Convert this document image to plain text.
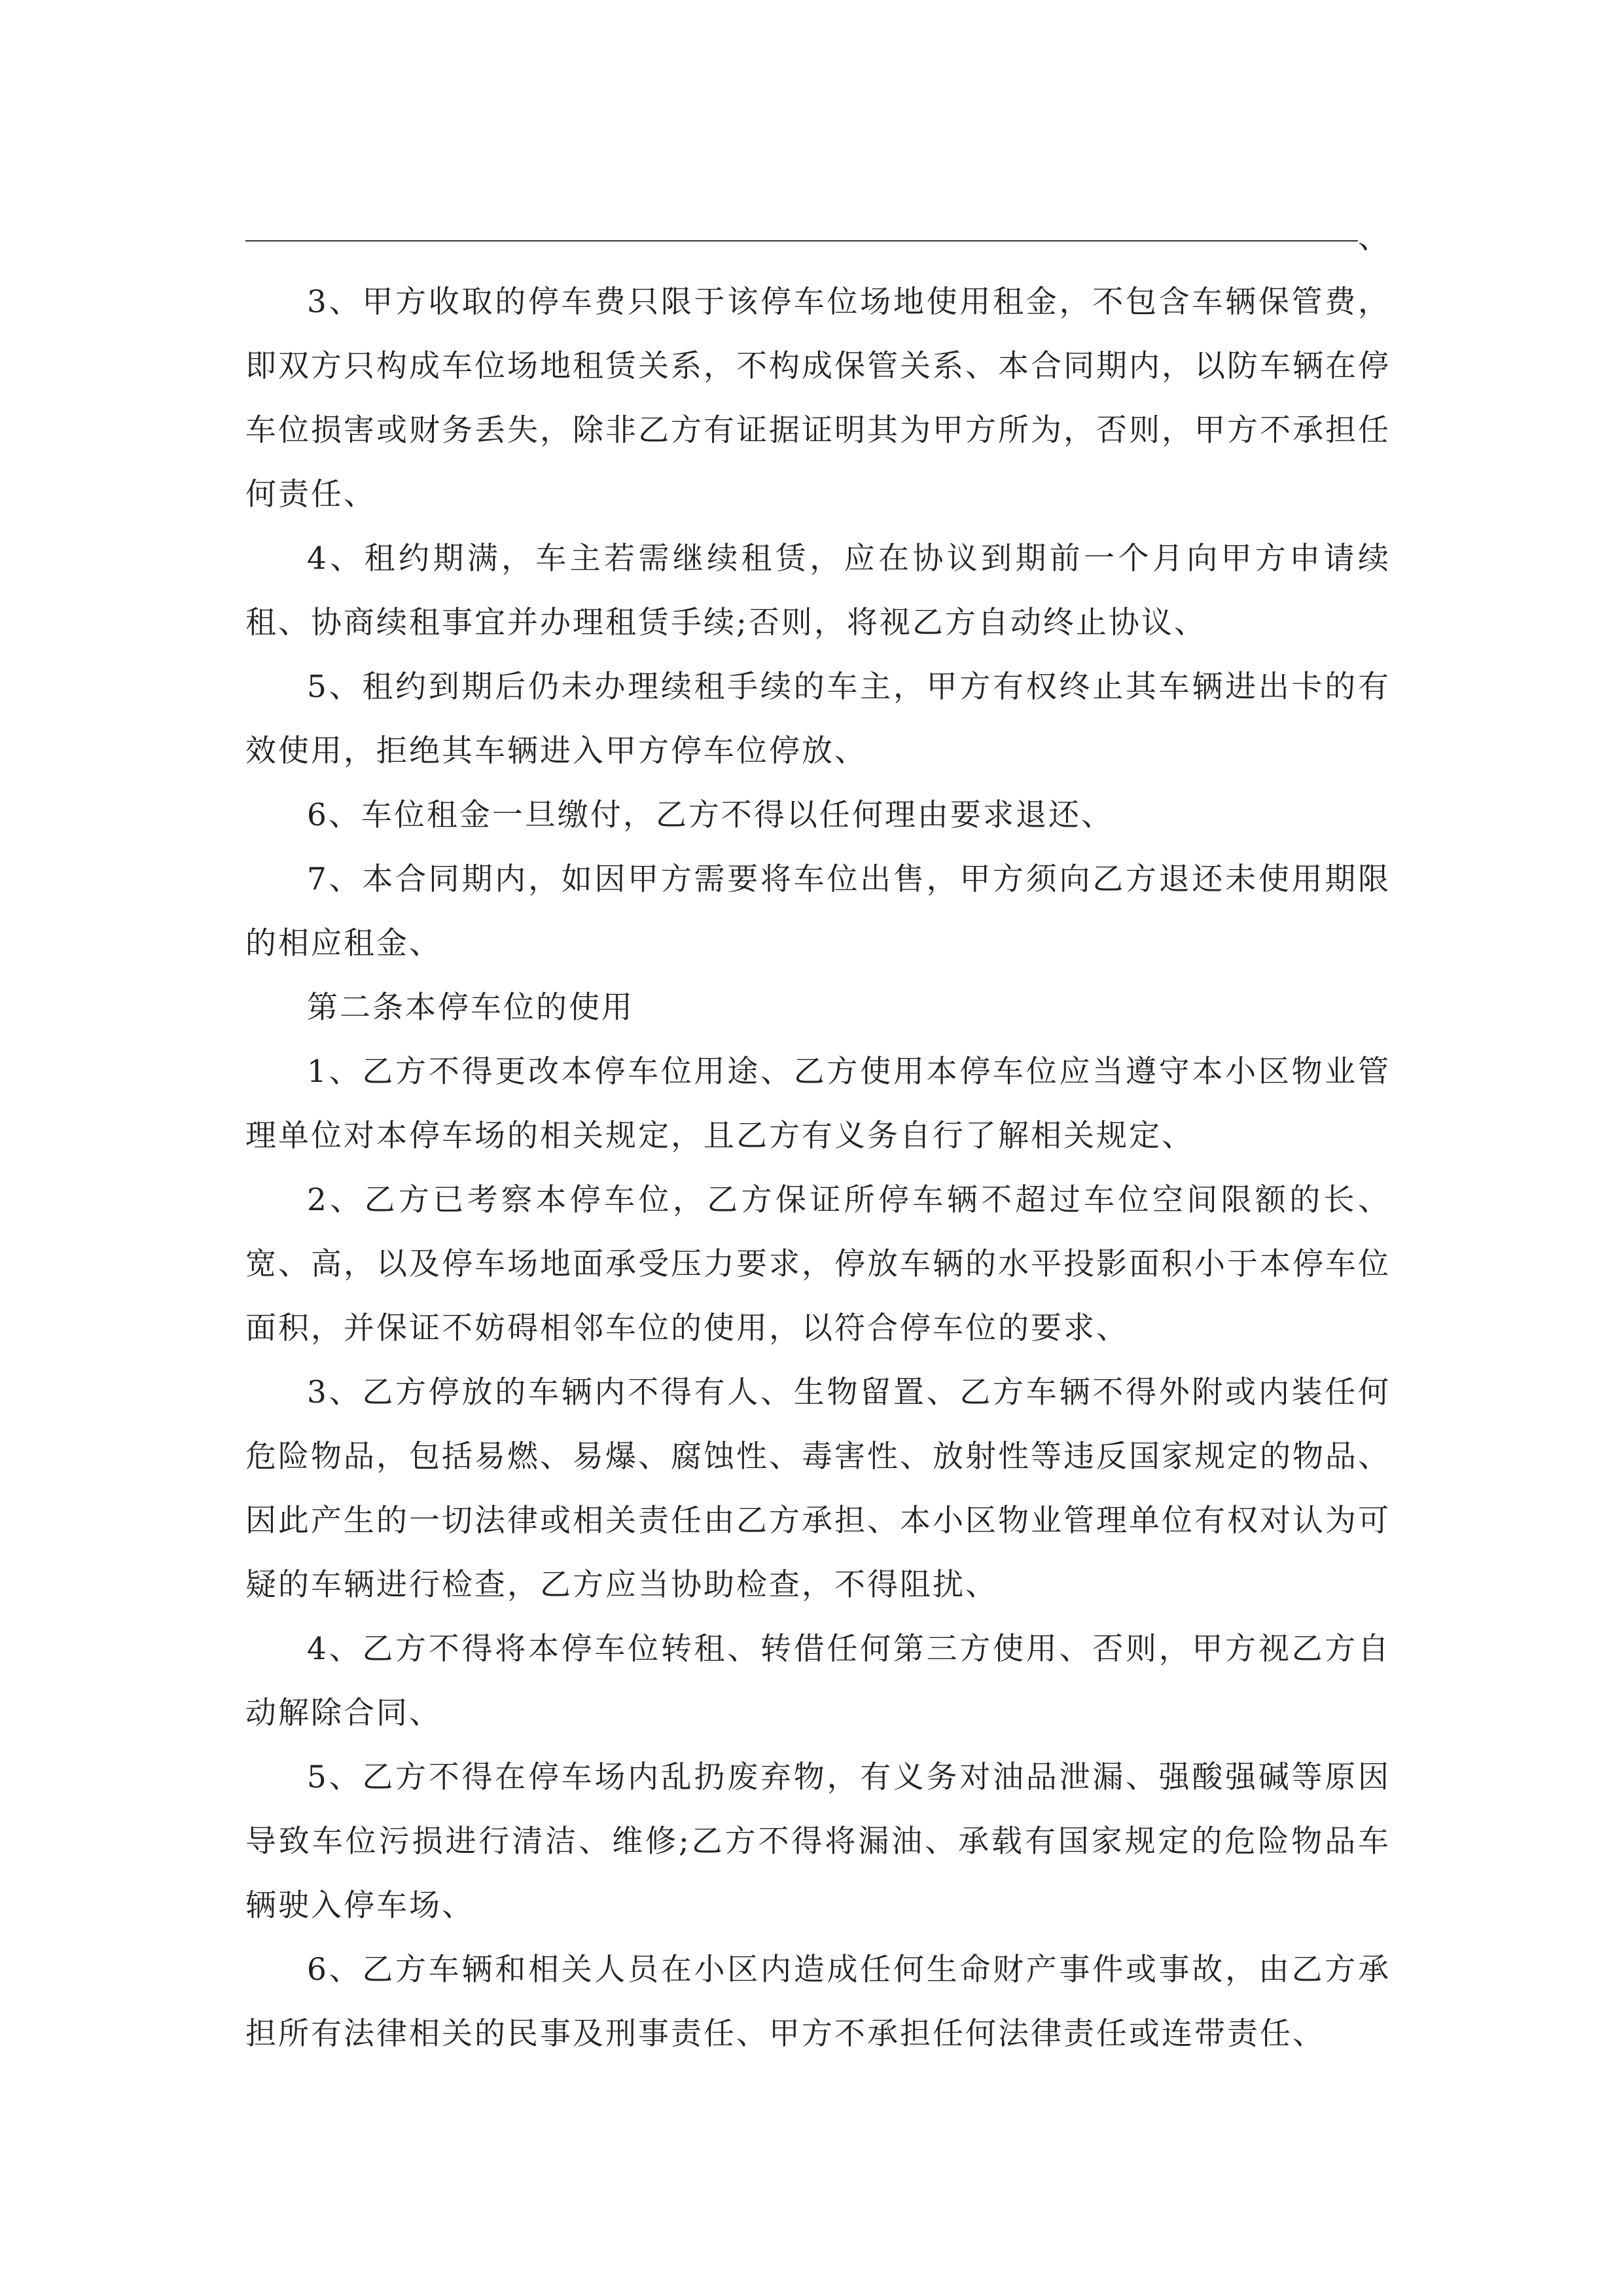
、

3、甲方收取的停车费只限于该停车位场地使用租金，不包含车辆保管费，即双方只构成车位场地租赁关系，不构成保管关系、本合同期内，以防车辆在停车位损害或财务丢失，除非乙方有证据证明其为甲方所为，否则，甲方不承担任何责任、

4、租约期满，车主若需继续租赁，应在协议到期前一个月向甲方申请续租、协商续租事宜并办理租赁手续;否则，将视乙方自动终止协议、

5、租约到期后仍未办理续租手续的车主，甲方有权终止其车辆进出卡的有效使用，拒绝其车辆进入甲方停车位停放、

6、车位租金一旦缴付，乙方不得以任何理由要求退还、

7、本合同期内，如因甲方需要将车位出售，甲方须向乙方退还未使用期限的相应租金、

第二条本停车位的使用

1、乙方不得更改本停车位用途、乙方使用本停车位应当遵守本小区物业管理单位对本停车场的相关规定，且乙方有义务自行了解相关规定、

2、乙方已考察本停车位，乙方保证所停车辆不超过车位空间限额的长、宽、高，以及停车场地面承受压力要求，停放车辆的水平投影面积小于本停车位面积，并保证不妨碍相邻车位的使用，以符合停车位的要求、

3、乙方停放的车辆内不得有人、生物留置、乙方车辆不得外附或内装任何危险物品，包括易燃、易爆、腐蚀性、毒害性、放射性等违反国家规定的物品、因此产生的一切法律或相关责任由乙方承担、本小区物业管理单位有权对认为可疑的车辆进行检查，乙方应当协助检查，不得阻扰、

4、乙方不得将本停车位转租、转借任何第三方使用、否则，甲方视乙方自动解除合同、

5、乙方不得在停车场内乱扔废弃物，有义务对油品泄漏、强酸强碱等原因导致车位污损进行清洁、维修;乙方不得将漏油、承载有国家规定的危险物品车辆驶入停车场、

6、乙方车辆和相关人员在小区内造成任何生命财产事件或事故，由乙方承担所有法律相关的民事及刑事责任、甲方不承担任何法律责任或连带责任、
